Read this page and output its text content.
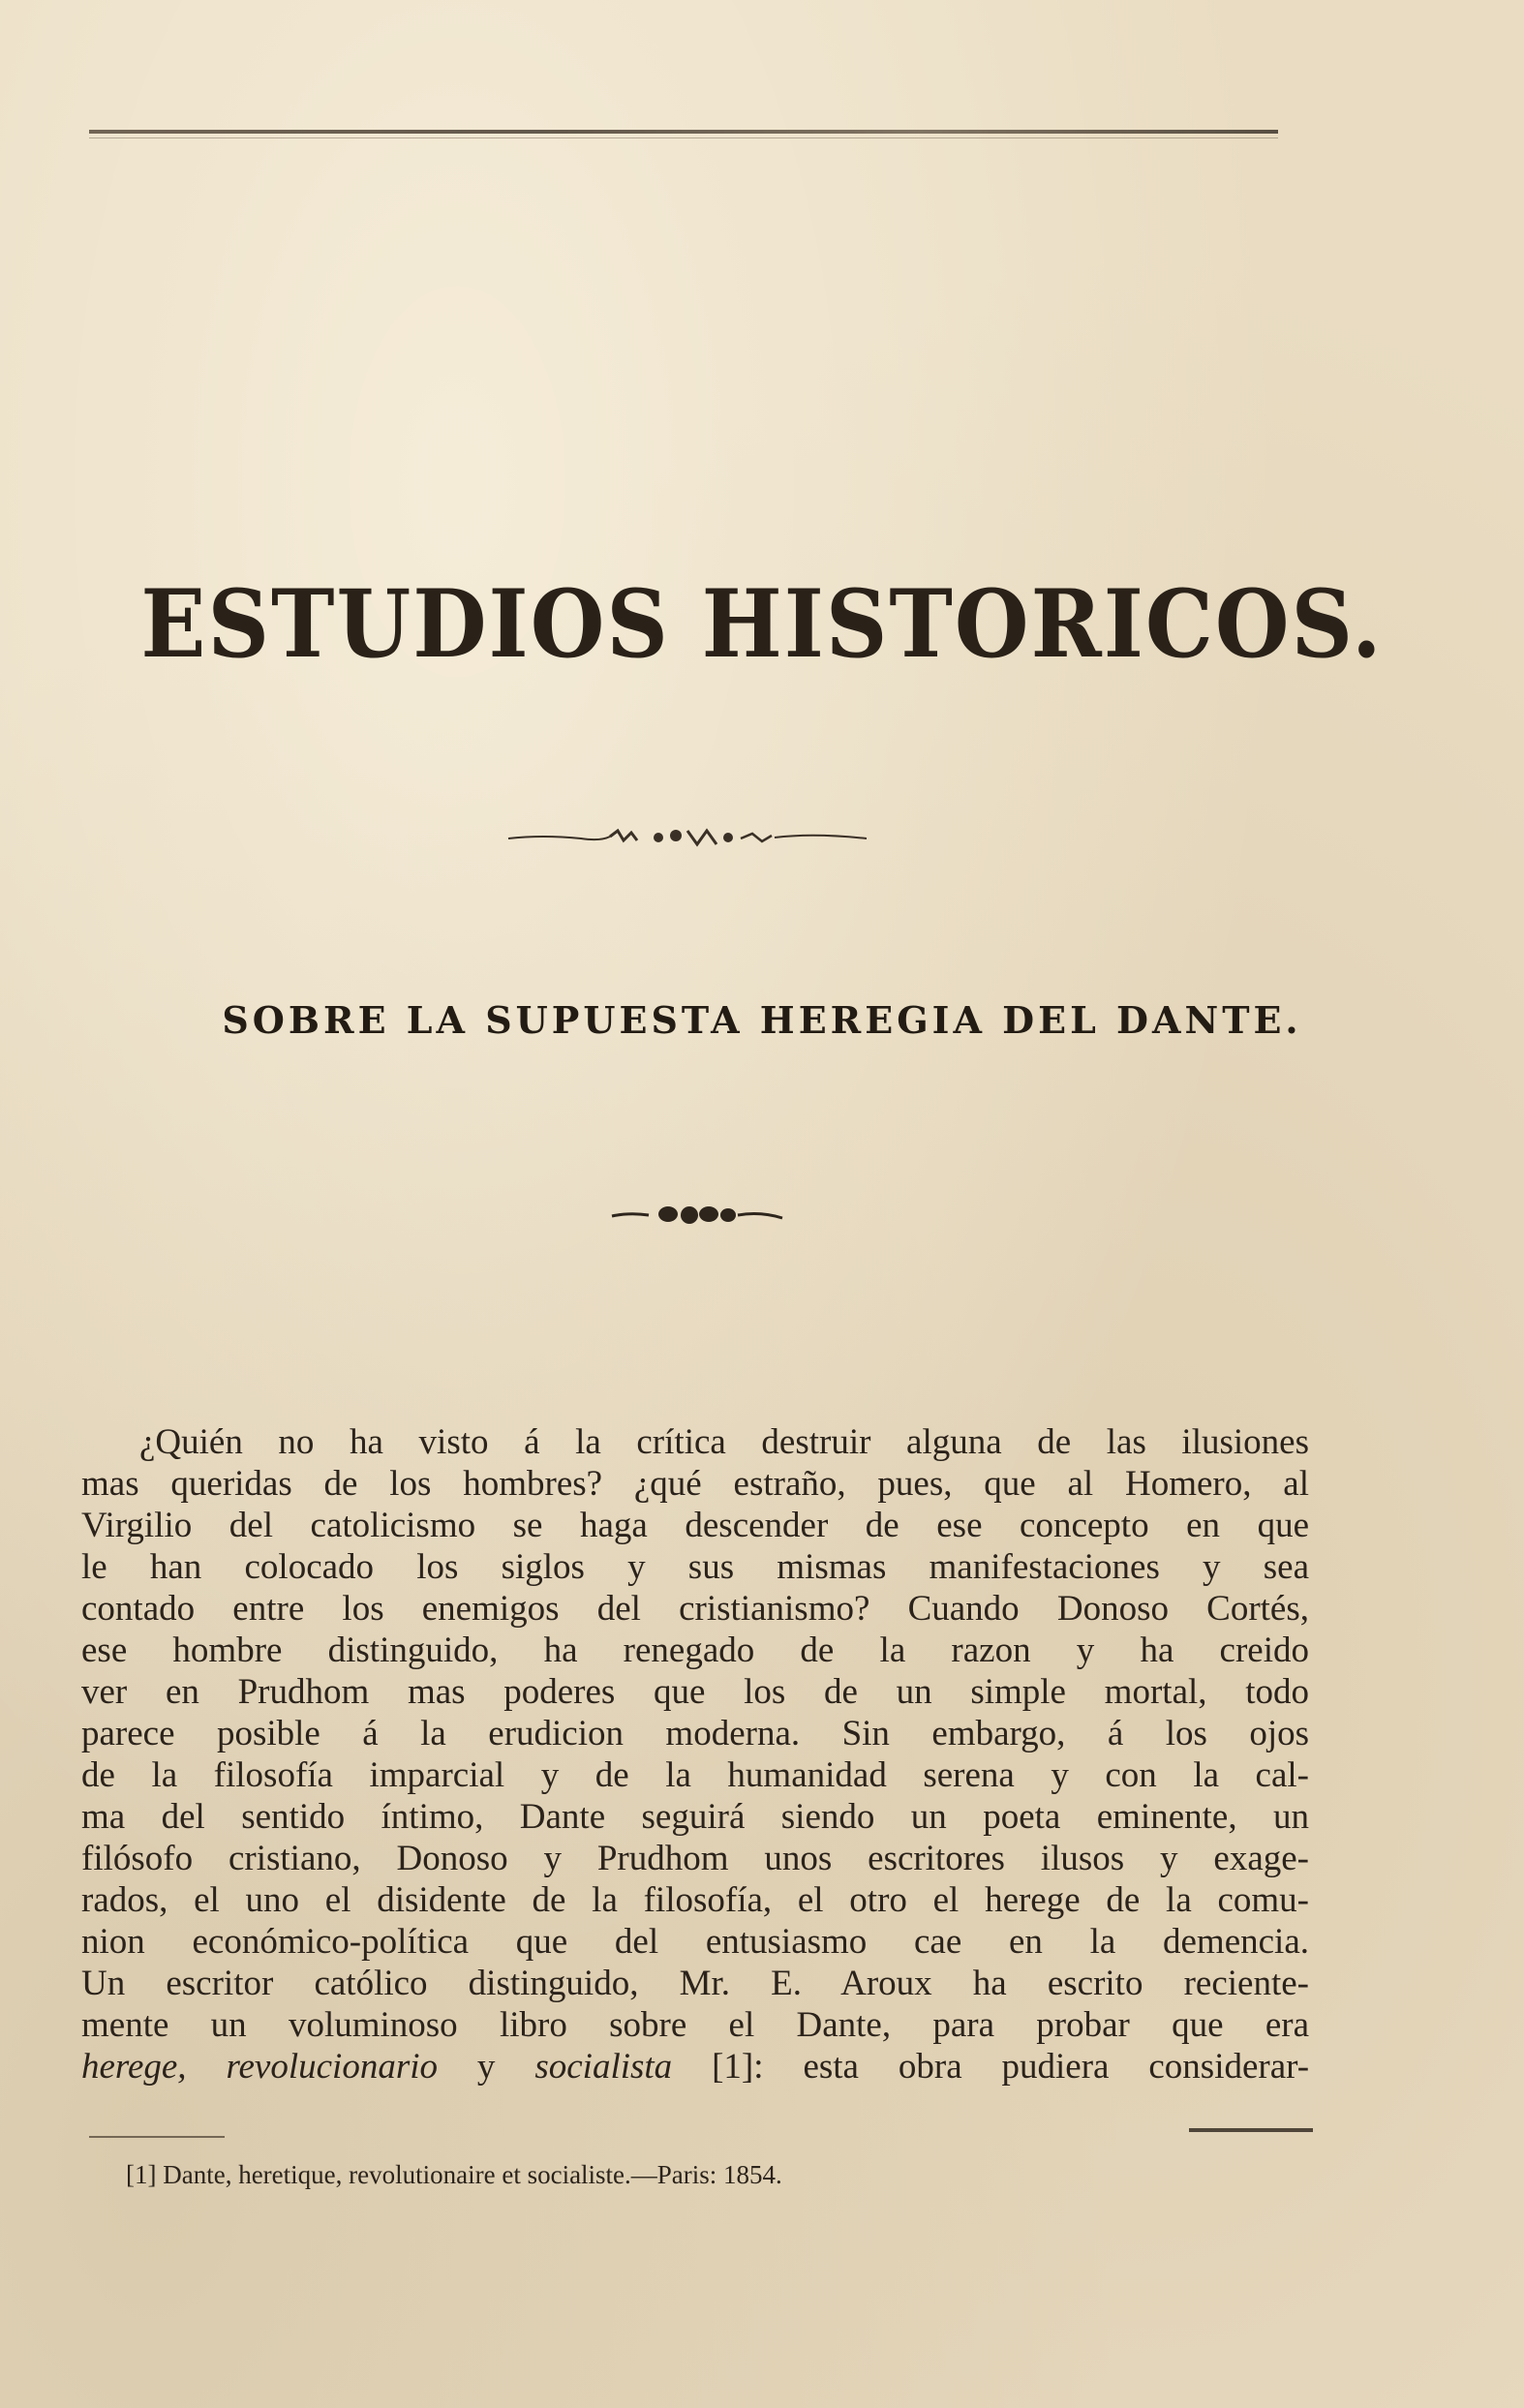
ESTUDIOS HISTORICOS.
SOBRE LA SUPUESTA HEREGIA DEL DANTE.
¿Quién no ha visto á la crítica destruir alguna de las ilusiones
mas queridas de los hombres? ¿qué estraño, pues, que al Homero, al
Virgilio del catolicismo se haga descender de ese concepto en que
le han colocado los siglos y sus mismas manifestaciones y sea
contado entre los enemigos del cristianismo? Cuando Donoso Cortés,
ese hombre distinguido, ha renegado de la razon y ha creido
ver en Prudhom mas poderes que los de un simple mortal, todo
parece posible á la erudicion moderna. Sin embargo, á los ojos
de la filosofía imparcial y de la humanidad serena y con la cal-
ma del sentido íntimo, Dante seguirá siendo un poeta eminente, un
filósofo cristiano, Donoso y Prudhom unos escritores ilusos y exage-
rados, el uno el disidente de la filosofía, el otro el herege de la comu-
nion económico-política que del entusiasmo cae en la demencia.
Un escritor católico distinguido, Mr. E. Aroux ha escrito reciente-
mente un voluminoso libro sobre el Dante, para probar que era
herege, revolucionario y socialista [1]: esta obra pudiera considerar-
[1] Dante, heretique, revolutionaire et socialiste.—Paris: 1854.
